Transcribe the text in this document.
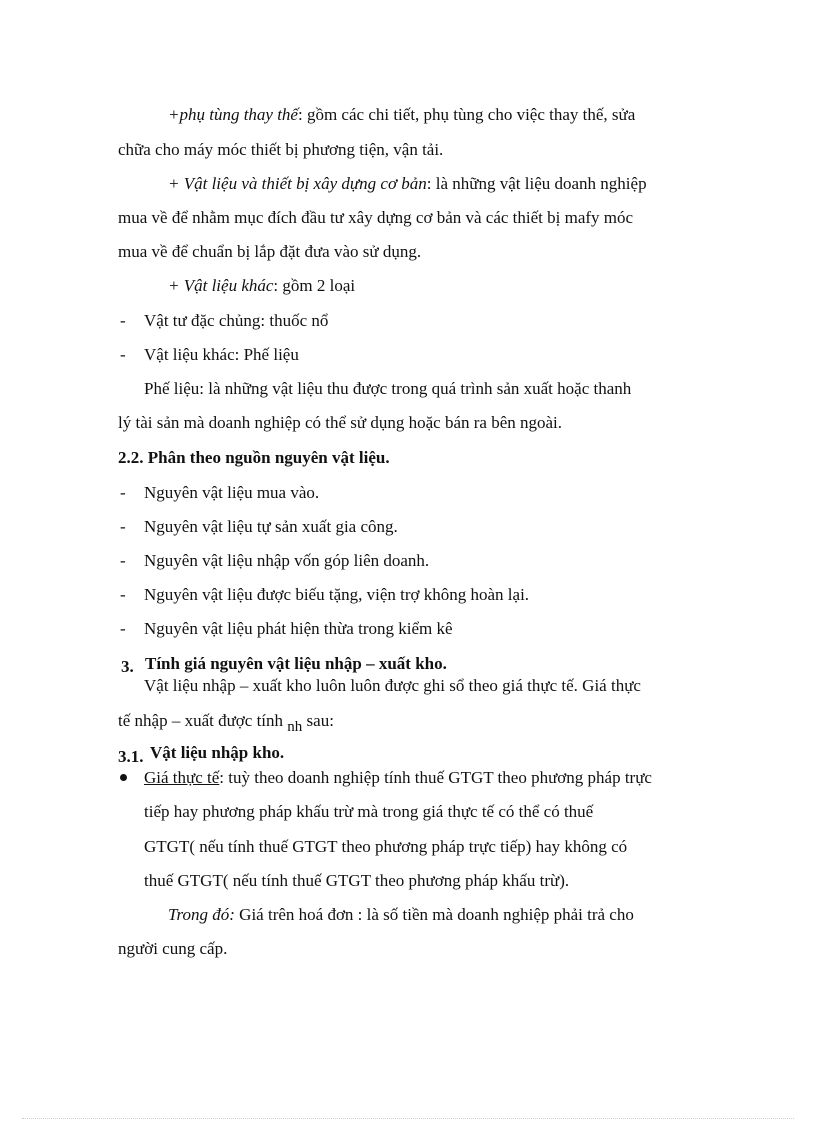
+phụ tùng thay thế: gồm các chi tiết, phụ tùng cho việc thay thế, sửa
chữa cho máy móc thiết bị phương tiện, vận tải.
+ Vật liệu và thiết bị xây dựng cơ bản: là những vật liệu doanh nghiệp
mua về để nhằm mục đích đầu tư xây dựng cơ bản và các thiết bị mafy móc
mua về để chuẩn bị lắp đặt đưa vào sử dụng.
+ Vật liệu khác: gồm 2 loại
- Vật tư đặc chủng: thuốc nổ
- Vật liệu khác: Phế liệu
Phế liệu: là những vật liệu thu được trong quá trình sản xuất hoặc thanh
lý tài sản mà doanh nghiệp có thể sử dụng hoặc bán ra bên ngoài.
2.2. Phân theo nguồn nguyên vật liệu.
- Nguyên vật liệu mua vào.
- Nguyên vật liệu tự sản xuất gia công.
- Nguyên vật liệu nhập vốn góp liên doanh.
- Nguyên vật liệu được biếu tặng, viện trợ không hoàn lại.
- Nguyên vật liệu phát hiện thừa trong kiểm kê
3. Tính giá nguyên vật liệu nhập – xuất kho.
Vật liệu nhập – xuất kho luôn luôn được ghi sổ theo giá thực tế. Giá thực
tế nhập – xuất được tính nh sau:
3.1. Vật liệu nhập kho.
Giá thực tế: tuỳ theo doanh nghiệp tính thuế GTGT theo phương pháp trực
tiếp hay phương pháp khấu trừ mà trong giá thực tế có thể có thuế
GTGT( nếu tính thuế GTGT theo phương pháp trực tiếp) hay không có
thuế GTGT( nếu tính thuế GTGT theo phương pháp khấu trừ).
Trong đó: Giá trên hoá đơn : là số tiền mà doanh nghiệp phải trả cho
người cung cấp.
